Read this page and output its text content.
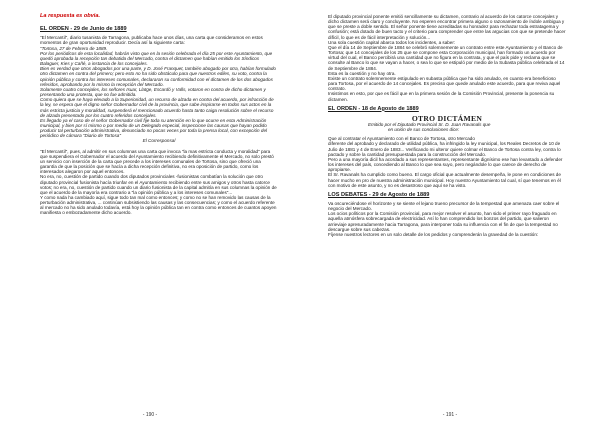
La respuesta es obvia.

EL ORDEN - 29 de Junio de 1889

"El Mercantil", diario tusanista de Tarragona, publicaba hace unos días, una carta que consideramos en estos momentos de gran oportunidad reproducir. Decía así la siguiente carta:

"Tortosa, 27 de Febrero de 1889.

Por los periódicos de esta localidad, habrán visto que en la sesión celebrada el día 25 por este Ayuntamiento, que quedó aprobada la recepción tan debatida del Mercado, contra el dictamen que habían emitido los Síndicos Balaguer, Kies y Cañé, a instancia de los concejales.

Bien es verdad que otros abogados por una parte, y D. José Franquet, también abogado por otra, habían formulado otro dictamen en contra del primero; pero esto no ha sido obstáculo para que nuestros ediles, su voto, contra la opinión pública y contra los intereses comunales, declararan su conformidad con el dictamen de los dos abogados referidos, aprobando por lo mismo la recepción del Mercado.

Solamente cuatro concejales, los señores Isuar, Llatge, Escardó y Valls, votaron en contra de dicho dictamen y presentando una protesta, que no fue admitida.

Como quiera que se haya elevado a la Superioridad, un recurso de alzada en contra del acuerdo, por infracción de la ley, se espera que el digno señor Gobernador civil de la provincia, que sabe inspirarse en todos sus actos en la más estricta justicia y moralidad, suspenderá el mencionado acuerdo hasta tanto caiga resolución sobre el recurso de alzada presentado por los cuatro referidos concejales.

Es llegado ya el caso de el señor Gobernador civil fije toda su atención en lo que ocurre en esta Administración municipal, y bien por sí mismo o por medio de un Delegado especial, inspeccione las causas que hayan podido producir tal perturbación administrativa, denunciado no pocas veces por toda la prensa local, con excepción del periódico de cámara "Diario de Tortosa"

El Corresponsal

"El Mercantil", pues, al admitir en sus columnas una carta que invoca "la mas estricta conducta y moralidad" para que suspendiera el Gobernador el acuerdo del Ayuntamiento recibiendo definitivamente el Mercado, no solo prestó un servicio con inserción de la carta que precede a los intereses comunales de Tortosa, sino que ofreció una garantía de que la posición que se hacía a dicha recepción definitiva, no era oposición de partido, como los interesados alegaron por aquel entonces.

No era, no, cuestión de partido cuando dos diputados provinciales -fusionistas combatían la solución que otro diputado provincial fusionista hacía triunfar en el Ayuntamiento recibiendo entre sus amigos y otros hasta catorce votos; no era, no, cuestión de partido cuando un diario fusionista de la capital admitía en sus columnas la opinión de que el acuerdo de la mayoría era contrario a "la opinión pública y a los intereses comunales"...

Y como nada ha cambiado aquí, sigue todo tan mal como entonces; y como no se han removido las causas de la perturbación administrativa, ... continúan subsistiendo las causas y las consecuencias; y como el acuerdo referente al mercado no ha sido anulado todavía, está hoy la opinión pública tan en contra como entonces de cuantos apoyen manifiesta o embozadamente dicho acuerdo.

- 190 -

El diputado provincial ponente emitió sencillamente su dictamen, contrario al acuerdo de los catorce concejales y dicho dictamen será claro y concluyente. No esperen encontrar primera alguno o razonamiento de índole ambigua y que se preste a doble sentido. El señor ponente tiene acreditadas su honradez para rechazar toda estratagema y confusión; está dotado de buen tacto y el criterio para comprender que entre las argucias con que se pretende hacer difícil, lo que es de fácil interpretación y solución...

Una sola cuestión capital abarca todos los incidentes, a saber:

Que el día 14 de Septiembre de 1884 se celebró solemnemente un contrato entre este Ayuntamiento y el Banco de Tortosa; que 14 concejales de los 25 que se compone esta Corporación municipal, han formado un acuerdo por virtud del cual, el Banco percibirá una cantidad que no figura en la contrata, y que el país pide y reclama que se consulte al Banco lo que se vayan a hacer, o sea lo que se estipuló por medio de la Subasta pública celebrada el 14 de Septiembre de 1884.

Esta es la cuestión y no hay otra.

Existe un contrato solemnemente estipulado en subasta pública que ha sido anulado, en cuanto era beneficioso para Tortosa, por el acuerdo de 14 concejales. Es preciso que quede anulado este acuerdo, para que reviva aquel contrato.

Insistimos en esto, por que es fácil que en la primera sesión de la Comisión Provincial, presente la ponencia su dictamen.

EL ORDEN - 18 de Agosto de 1889

OTRO DICTÁMEN

Emitido por el Diputado Provincial Sr. D. Juan Ravanals que

en unión de sus conclusiones dice:

Que al contratar el Ayuntamiento con el Banco de Tortosa, otro Mercado

diferente del aprobado y declarado de utilidad pública, ha infringido la ley municipal, los Reales Decretos de 10 de Julio de 1881 y 4 de Enero de 1883... Verificando mi ulteror quiere colmar el Banco de Tortosa contra ley, contra lo pactado y sobre la cantidad presupuestada para la construcción del Mercado.

Pero a una mayoría dicil ha acordado a sus representantes, representante dignísimo ese han levantado a defender los intereses del país, concediendo al Banco lo que sea suyo, pero negándole lo que carece de derecho de apropiarse.

El Sr. Ravanals ha cumplido como bueno. El cargo oficial que actualmente desempeña, le pone en condiciones de hacer mucho en pro de nuestra administración municipal. Hoy nuestro Ayuntamiento tal cual, sí que tenemos en él con motivo de este asunto, y no es desastroso que aquí se ha visto.

LOS DEBATES - 29 de Agosto de 1889

Va oscureciéndose el horizonte y se siente el lejano trueno precursor de la tempestad que amenaza caer sobre el negocio del Mercado.

Los ocios políticos por la Comisión provincial, para mejor resolver el asunto, han sido el primer rayo fraguado en aquella atmósfera sobrecargada de electricidad. Así lo han comprendido los bonzos del partido, que salieron arrieviaje apresuradamente hacia Tarragona, para interponer toda su influencia con el fin de que la tempestad no descargue sobre sus cabezas.

Fíjense nuestros lectores en un solo detalle de los pedidos y comprenderán la gravedad de la cuestión:

- 191 -
